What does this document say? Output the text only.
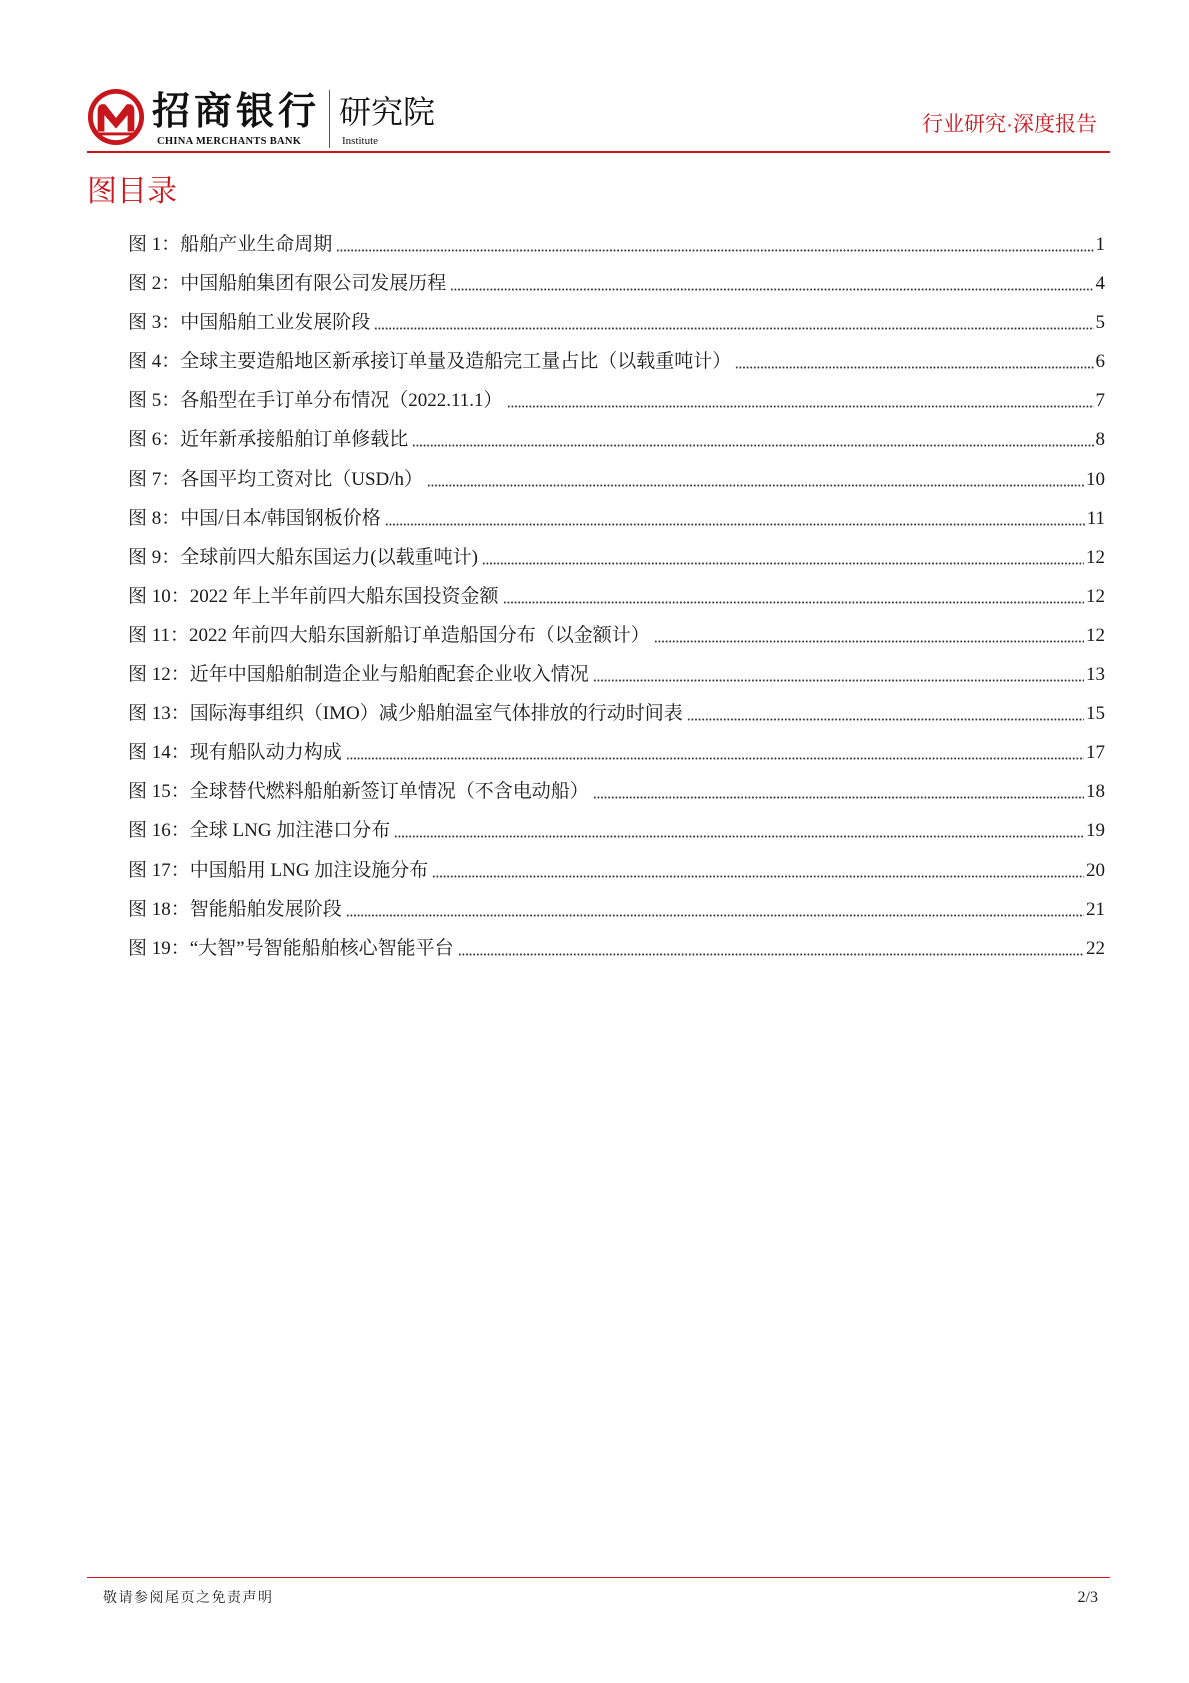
招商银行
CHINA MERCHANTS BANK
研究院
Institute
行业研究·深度报告
图目录
图 1：船舶产业生命周期	1
图 2：中国船舶集团有限公司发展历程	4
图 3：中国船舶工业发展阶段	5
图 4：全球主要造船地区新承接订单量及造船完工量占比（以载重吨计）	6
图 5：各船型在手订单分布情况（2022.11.1）	7
图 6：近年新承接船舶订单修载比	8
图 7：各国平均工资对比（USD/h）	10
图 8：中国/日本/韩国钢板价格	11
图 9：全球前四大船东国运力(以载重吨计)	12
图 10：2022 年上半年前四大船东国投资金额	12
图 11：2022 年前四大船东国新船订单造船国分布（以金额计）	12
图 12：近年中国船舶制造企业与船舶配套企业收入情况	13
图 13：国际海事组织（IMO）减少船舶温室气体排放的行动时间表	15
图 14：现有船队动力构成	17
图 15：全球替代燃料船舶新签订单情况（不含电动船）	18
图 16：全球 LNG 加注港口分布	19
图 17：中国船用 LNG 加注设施分布	20
图 18：智能船舶发展阶段	21
图 19：“大智”号智能船舶核心智能平台	22
敬请参阅尾页之免责声明	2/3
